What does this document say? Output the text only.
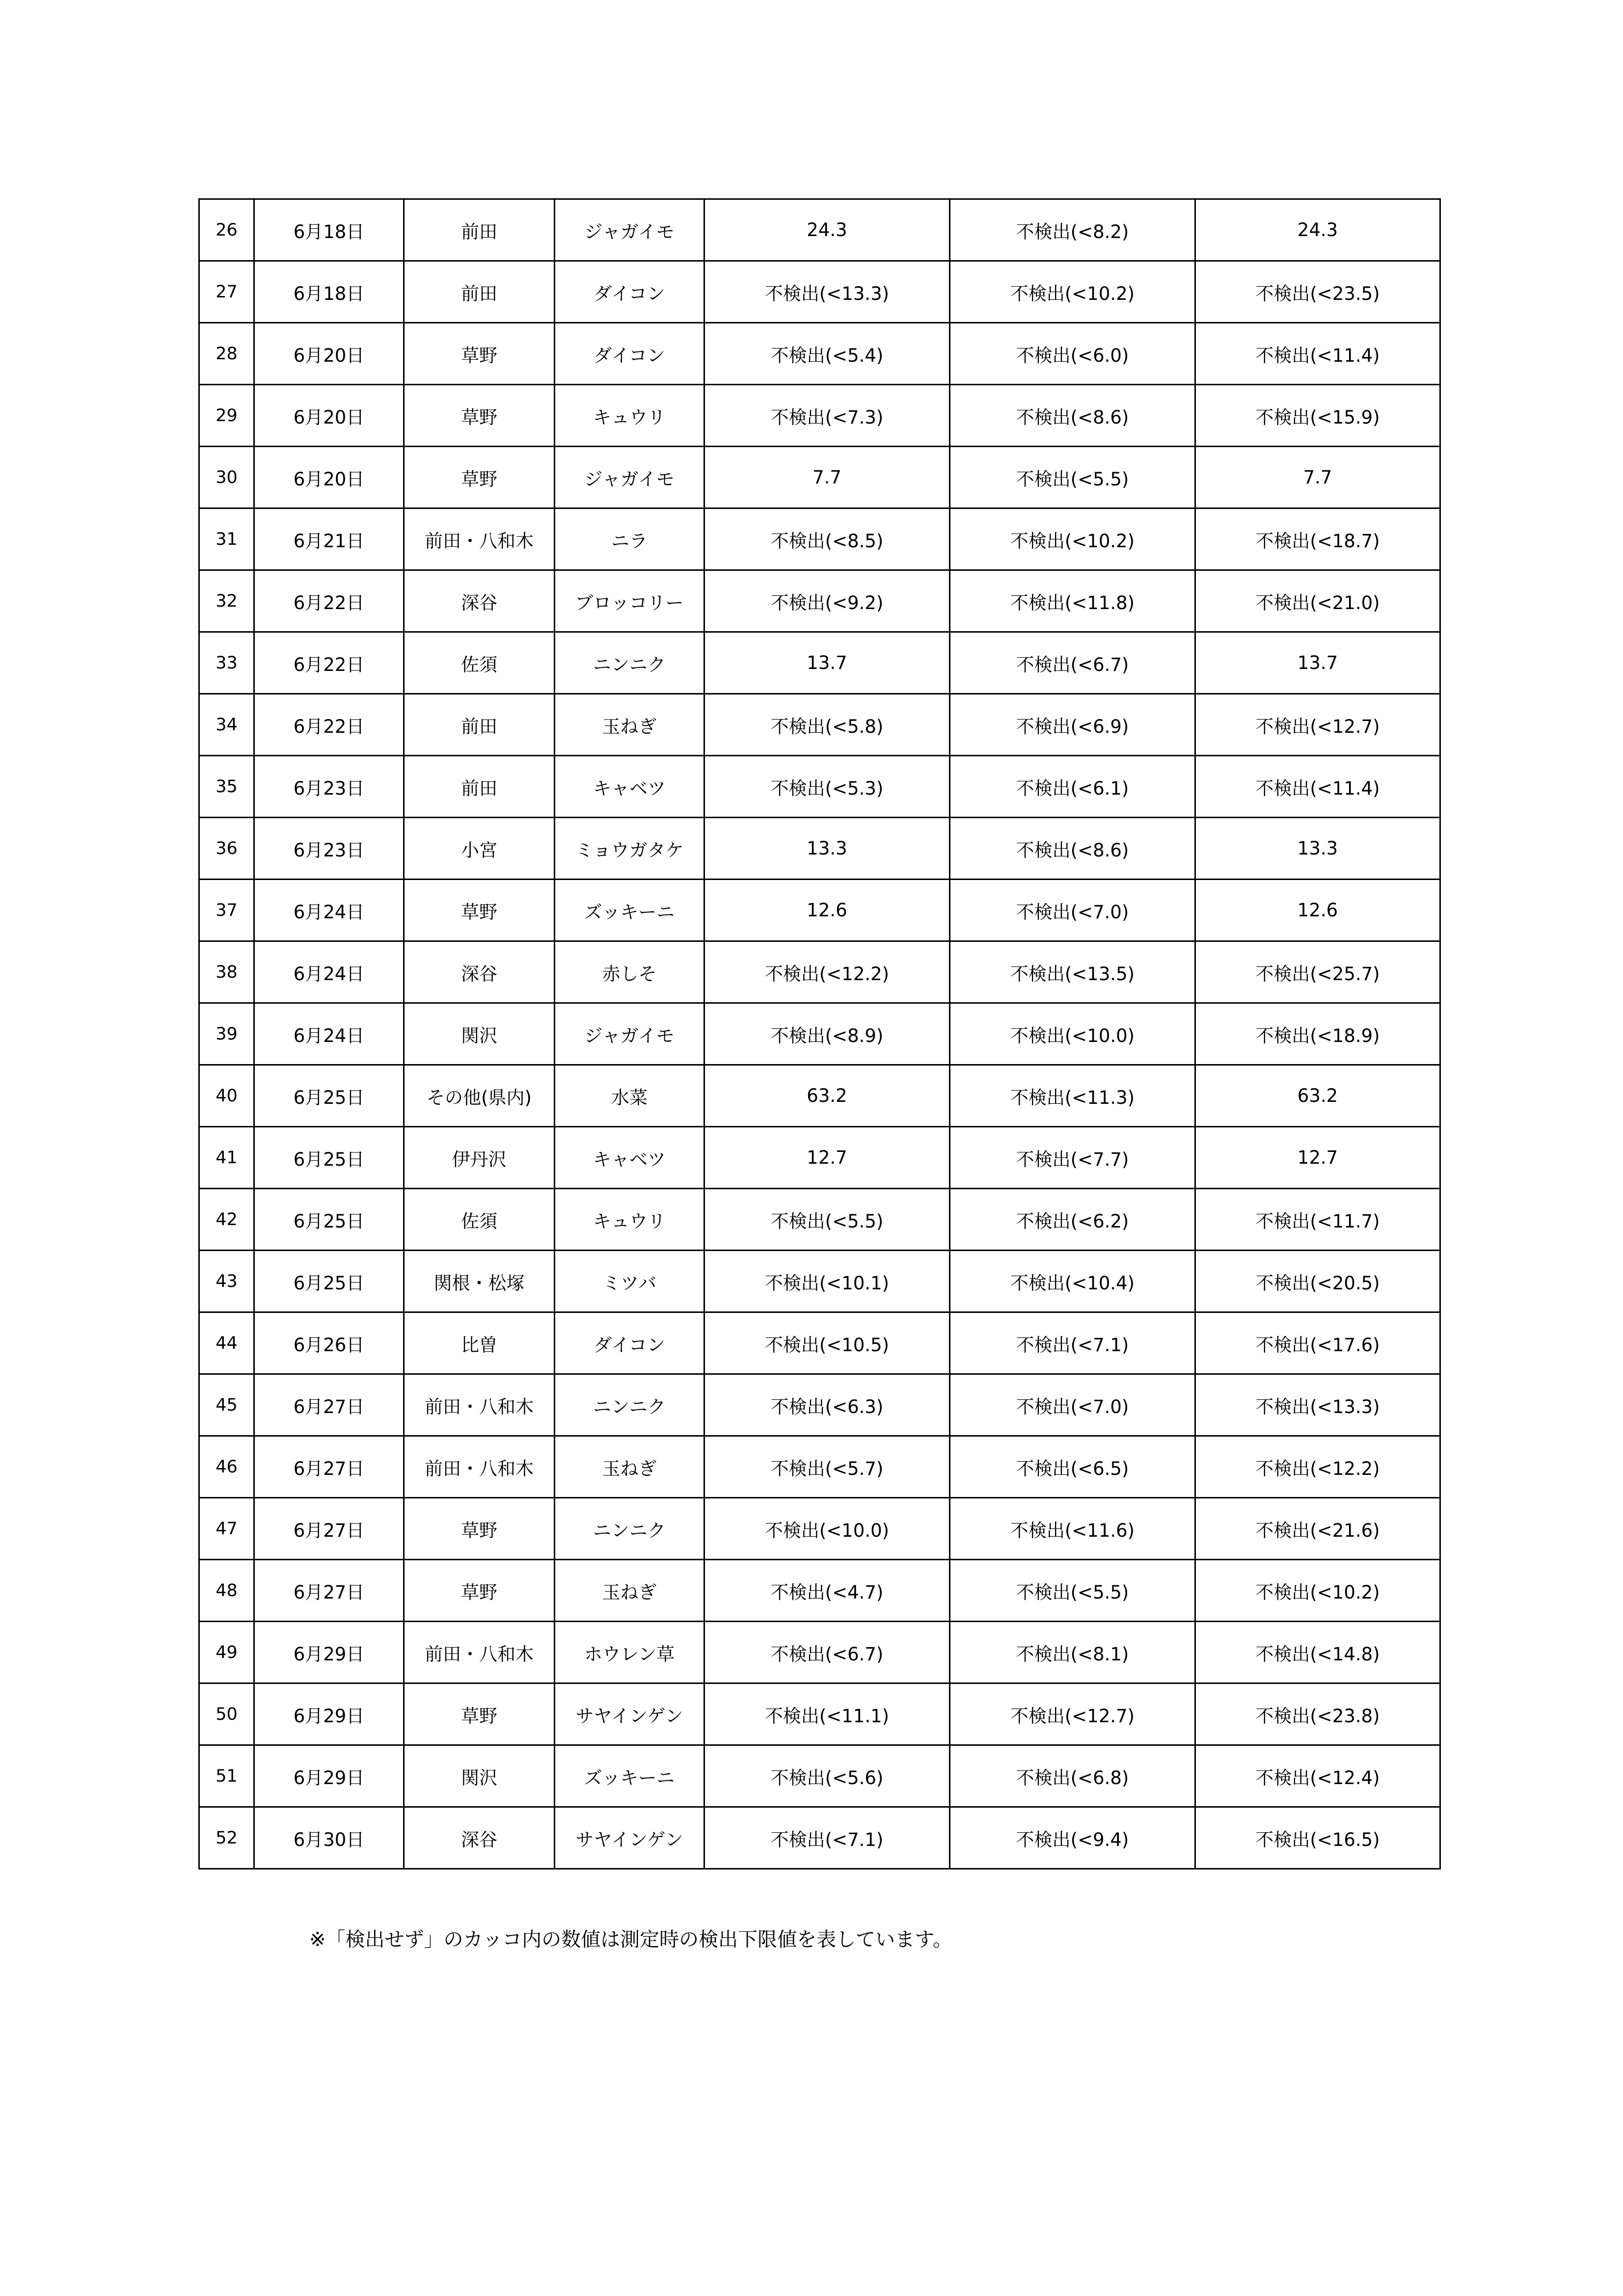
26	6月18日	前田	ジャガイモ	24.3	不検出(<8.2)	24.3
27	6月18日	前田	ダイコン	不検出(<13.3)	不検出(<10.2)	不検出(<23.5)
28	6月20日	草野	ダイコン	不検出(<5.4)	不検出(<6.0)	不検出(<11.4)
29	6月20日	草野	キュウリ	不検出(<7.3)	不検出(<8.6)	不検出(<15.9)
30	6月20日	草野	ジャガイモ	7.7	不検出(<5.5)	7.7
31	6月21日	前田・八和木	ニラ	不検出(<8.5)	不検出(<10.2)	不検出(<18.7)
32	6月22日	深谷	ブロッコリー	不検出(<9.2)	不検出(<11.8)	不検出(<21.0)
33	6月22日	佐須	ニンニク	13.7	不検出(<6.7)	13.7
34	6月22日	前田	玉ねぎ	不検出(<5.8)	不検出(<6.9)	不検出(<12.7)
35	6月23日	前田	キャベツ	不検出(<5.3)	不検出(<6.1)	不検出(<11.4)
36	6月23日	小宮	ミョウガタケ	13.3	不検出(<8.6)	13.3
37	6月24日	草野	ズッキーニ	12.6	不検出(<7.0)	12.6
38	6月24日	深谷	赤しそ	不検出(<12.2)	不検出(<13.5)	不検出(<25.7)
39	6月24日	関沢	ジャガイモ	不検出(<8.9)	不検出(<10.0)	不検出(<18.9)
40	6月25日	その他(県内)	水菜	63.2	不検出(<11.3)	63.2
41	6月25日	伊丹沢	キャベツ	12.7	不検出(<7.7)	12.7
42	6月25日	佐須	キュウリ	不検出(<5.5)	不検出(<6.2)	不検出(<11.7)
43	6月25日	関根・松塚	ミツバ	不検出(<10.1)	不検出(<10.4)	不検出(<20.5)
44	6月26日	比曽	ダイコン	不検出(<10.5)	不検出(<7.1)	不検出(<17.6)
45	6月27日	前田・八和木	ニンニク	不検出(<6.3)	不検出(<7.0)	不検出(<13.3)
46	6月27日	前田・八和木	玉ねぎ	不検出(<5.7)	不検出(<6.5)	不検出(<12.2)
47	6月27日	草野	ニンニク	不検出(<10.0)	不検出(<11.6)	不検出(<21.6)
48	6月27日	草野	玉ねぎ	不検出(<4.7)	不検出(<5.5)	不検出(<10.2)
49	6月29日	前田・八和木	ホウレン草	不検出(<6.7)	不検出(<8.1)	不検出(<14.8)
50	6月29日	草野	サヤインゲン	不検出(<11.1)	不検出(<12.7)	不検出(<23.8)
51	6月29日	関沢	ズッキーニ	不検出(<5.6)	不検出(<6.8)	不検出(<12.4)
52	6月30日	深谷	サヤインゲン	不検出(<7.1)	不検出(<9.4)	不検出(<16.5)
※「検出せず」のカッコ内の数値は測定時の検出下限値を表しています。
